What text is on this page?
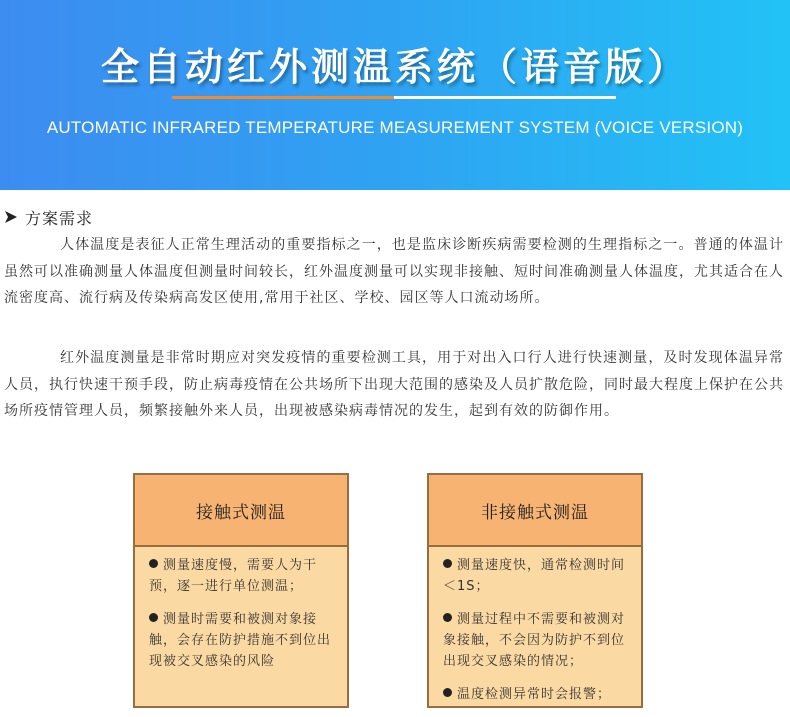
全自动红外测温系统（语音版）
AUTOMATIC INFRARED TEMPERATURE MEASUREMENT SYSTEM (VOICE VERSION)
方案需求

人体温度是表征人正常生理活动的重要指标之一，也是监床诊断疾病需要检测的生理指标之一。普通的体温计虽然可以准确测量人体温度但测量时间较长，红外温度测量可以实现非接触、短时间准确测量人体温度，尤其适合在人流密度高、流行病及传染病高发区使用,常用于社区、学校、园区等人口流动场所。

红外温度测量是非常时期应对突发疫情的重要检测工具，用于对出入口行人进行快速测量，及时发现体温异常人员，执行快速干预手段，防止病毒疫情在公共场所下出现大范围的感染及人员扩散危险，同时最大程度上保护在公共场所疫情管理人员，频繁接触外来人员，出现被感染病毒情况的发生，起到有效的防御作用。

接触式测温
测量速度慢，需要人为干预，逐一进行单位测温；
测量时需要和被测对象接触，会存在防护措施不到位出现被交叉感染的风险
非接触式测温
测量速度快，通常检测时间＜1S；
测量过程中不需要和被测对象接触，不会因为防护不到位出现交叉感染的情况；
温度检测异常时会报警；
